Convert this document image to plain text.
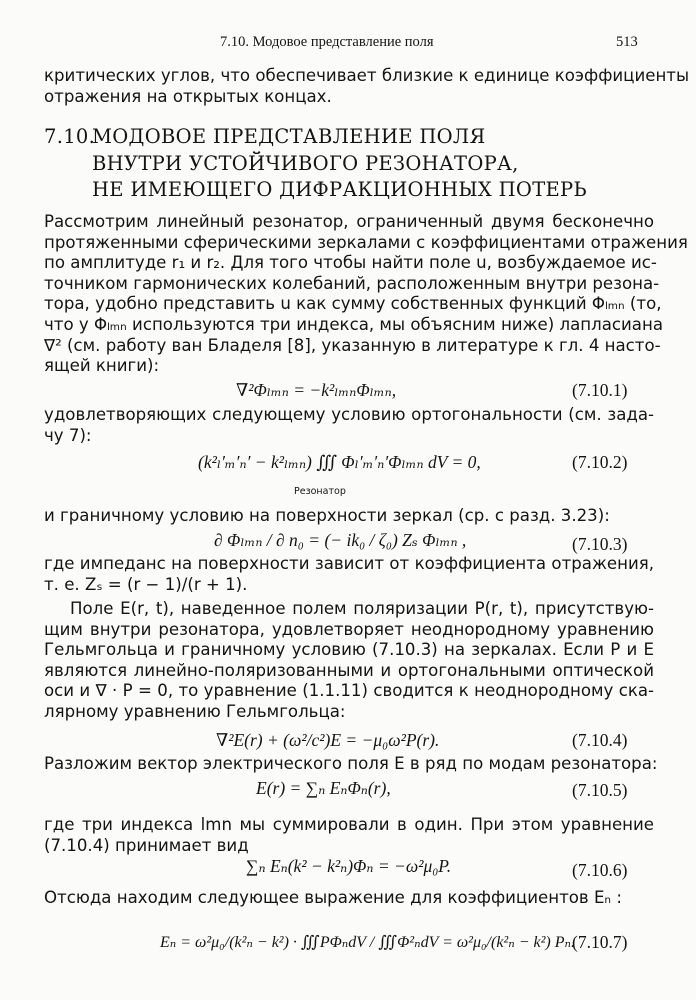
7.10. Модовое представление поля	513
критических углов, что обеспечивает близкие к единице коэффициенты
отражения на открытых концах.
7.10.МОДОВОЕ ПРЕДСТАВЛЕНИЕ ПОЛЯ
ВНУТРИ УСТОЙЧИВОГО РЕЗОНАТОРА,
НЕ ИМЕЮЩЕГО ДИФРАКЦИОННЫХ ПОТЕРЬ
Рассмотрим линейный резонатор, ограниченный двумя бесконечно
протяженными сферическими зеркалами с коэффициентами отражения
по амплитуде r₁ и r₂. Для того чтобы найти поле u, возбуждаемое ис-
точником гармонических колебаний, расположенным внутри резона-
тора, удобно представить u как сумму собственных функций Φₗₘₙ (то,
что у Φₗₘₙ используются три индекса, мы объясним ниже) лапласиана
∇² (см. работу ван Бладеля [8], указанную в литературе к гл. 4 насто-
ящей книги):
∇²Φₗₘₙ = −k²ₗₘₙΦₗₘₙ,	(7.10.1)
удовлетворяющих следующему условию ортогональности (см. зада-
чу 7):
(k²ₗ′ₘ′ₙ′ − k²ₗₘₙ) ∭ Φₗ′ₘ′ₙ′Φₗₘₙ dV = 0,
Резонатор
(7.10.2)
и граничному условию на поверхности зеркал (ср. с разд. 3.23):
∂ Φₗₘₙ / ∂ n₀ = (− ik₀ / ζ₀) Zₛ Φₗₘₙ ,	(7.10.3)
где импеданс на поверхности зависит от коэффициента отражения,
т. е. Zₛ = (r − 1)/(r + 1).
Поле E(r, t), наведенное полем поляризации P(r, t), присутствую-
щим внутри резонатора, удовлетворяет неоднородному уравнению
Гельмгольца и граничному условию (7.10.3) на зеркалах. Если P и E
являются линейно-поляризованными и ортогональными оптической
оси и ∇ · P = 0, то уравнение (1.1.11) сводится к неоднородному ска-
лярному уравнению Гельмгольца:
∇²E(r) + (ω²/c²)E = −μ₀ω²P(r).	(7.10.4)
Разложим вектор электрического поля E в ряд по модам резонатора:
E(r) = ∑ₙ EₙΦₙ(r),	(7.10.5)
где три индекса lmn мы суммировали в один. При этом уравнение
(7.10.4) принимает вид
∑ₙ Eₙ(k² − k²ₙ)Φₙ = −ω²μ₀P.	(7.10.6)
Отсюда находим следующее выражение для коэффициентов Eₙ :
Eₙ = ω²μ₀/(k²ₙ − k²) · ∭PΦₙdV / ∭Φ²ₙdV = ω²μ₀/(k²ₙ − k²) Pₙ.
(7.10.7)
